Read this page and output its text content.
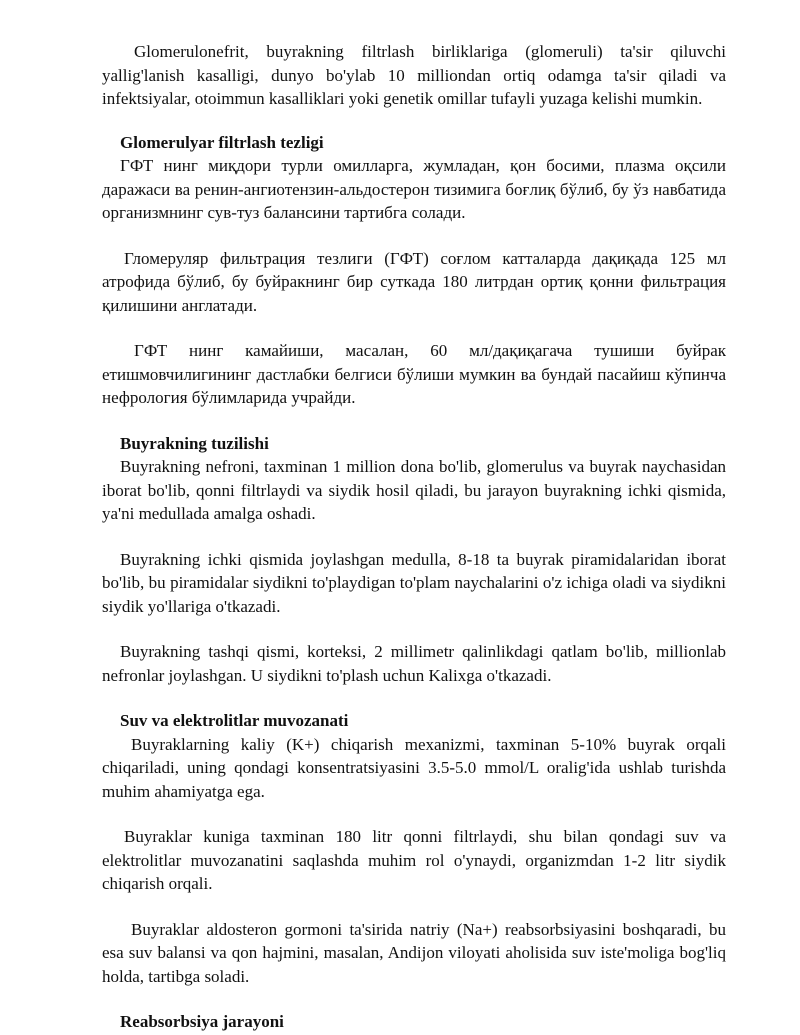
Glomerulonefrit, buyrakning filtrlash birliklariga (glomeruli) ta'sir qiluvchi yallig'lanish kasalligi, dunyo bo'ylab 10 milliondan ortiq odamga ta'sir qiladi va infektsiyalar, otoimmun kasalliklari yoki genetik omillar tufayli yuzaga kelishi mumkin.

Glomerulyar filtrlash tezligi

ГФТ нинг миқдори турли омилларга, жумладан, қон босими, плазма оқсили даражаси ва ренин-ангиотензин-альдостерон тизимига боғлиқ бўлиб, бу ўз навбатида организмнинг сув-туз балансини тартибга солади.

Гломеруляр фильтрация тезлиги (ГФТ) соғлом катталарда дақиқада 125 мл атрофида бўлиб, бу буйракнинг бир суткада 180 литрдан ортиқ қонни фильтрация қилишини англатади.

ГФТ нинг камайиши, масалан, 60 мл/дақиқагача тушиши буйрак етишмовчилигининг дастлабки белгиси бўлиши мумкин ва бундай пасайиш кўпинча нефрология бўлимларида учрайди.

Buyrakning tuzilishi

Buyrakning nefroni, taxminan 1 million dona bo'lib, glomerulus va buyrak naychasidan iborat bo'lib, qonni filtrlaydi va siydik hosil qiladi, bu jarayon buyrakning ichki qismida, ya'ni medullada amalga oshadi.

Buyrakning ichki qismida joylashgan medulla, 8-18 ta buyrak piramidalaridan iborat bo'lib, bu piramidalar siydikni to'playdigan to'plam naychalarini o'z ichiga oladi va siydikni siydik yo'llariga o'tkazadi.

Buyrakning tashqi qismi, korteksi, 2 millimetr qalinlikdagi qatlam bo'lib, millionlab nefronlar joylashgan. U siydikni to'plash uchun Kalixga o'tkazadi.

Suv va elektrolitlar muvozanati

Buyraklarning kaliy (K+) chiqarish mexanizmi, taxminan 5-10% buyrak orqali chiqariladi, uning qondagi konsentratsiyasini 3.5-5.0 mmol/L oralig'ida ushlab turishda muhim ahamiyatga ega.

Buyraklar kuniga taxminan 180 litr qonni filtrlaydi, shu bilan qondagi suv va elektrolitlar muvozanatini saqlashda muhim rol o'ynaydi, organizmdan 1-2 litr siydik chiqarish orqali.

Buyraklar aldosteron gormoni ta'sirida natriy (Na+) reabsorbsiyasini boshqaradi, bu esa suv balansi va qon hajmini, masalan, Andijon viloyati aholisida suv iste'moliga bog'liq holda, tartibga soladi.

Reabsorbsiya jarayoni
